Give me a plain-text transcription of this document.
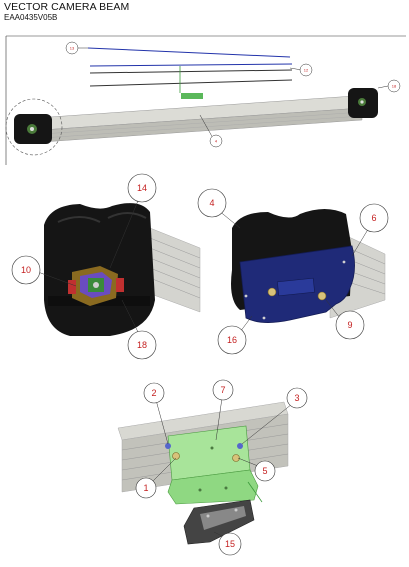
VECTOR CAMERA BEAM
EAA0435V05B
13
12
18
4
14
10
18
4
6
16
9
2	7
3
1
5
15
